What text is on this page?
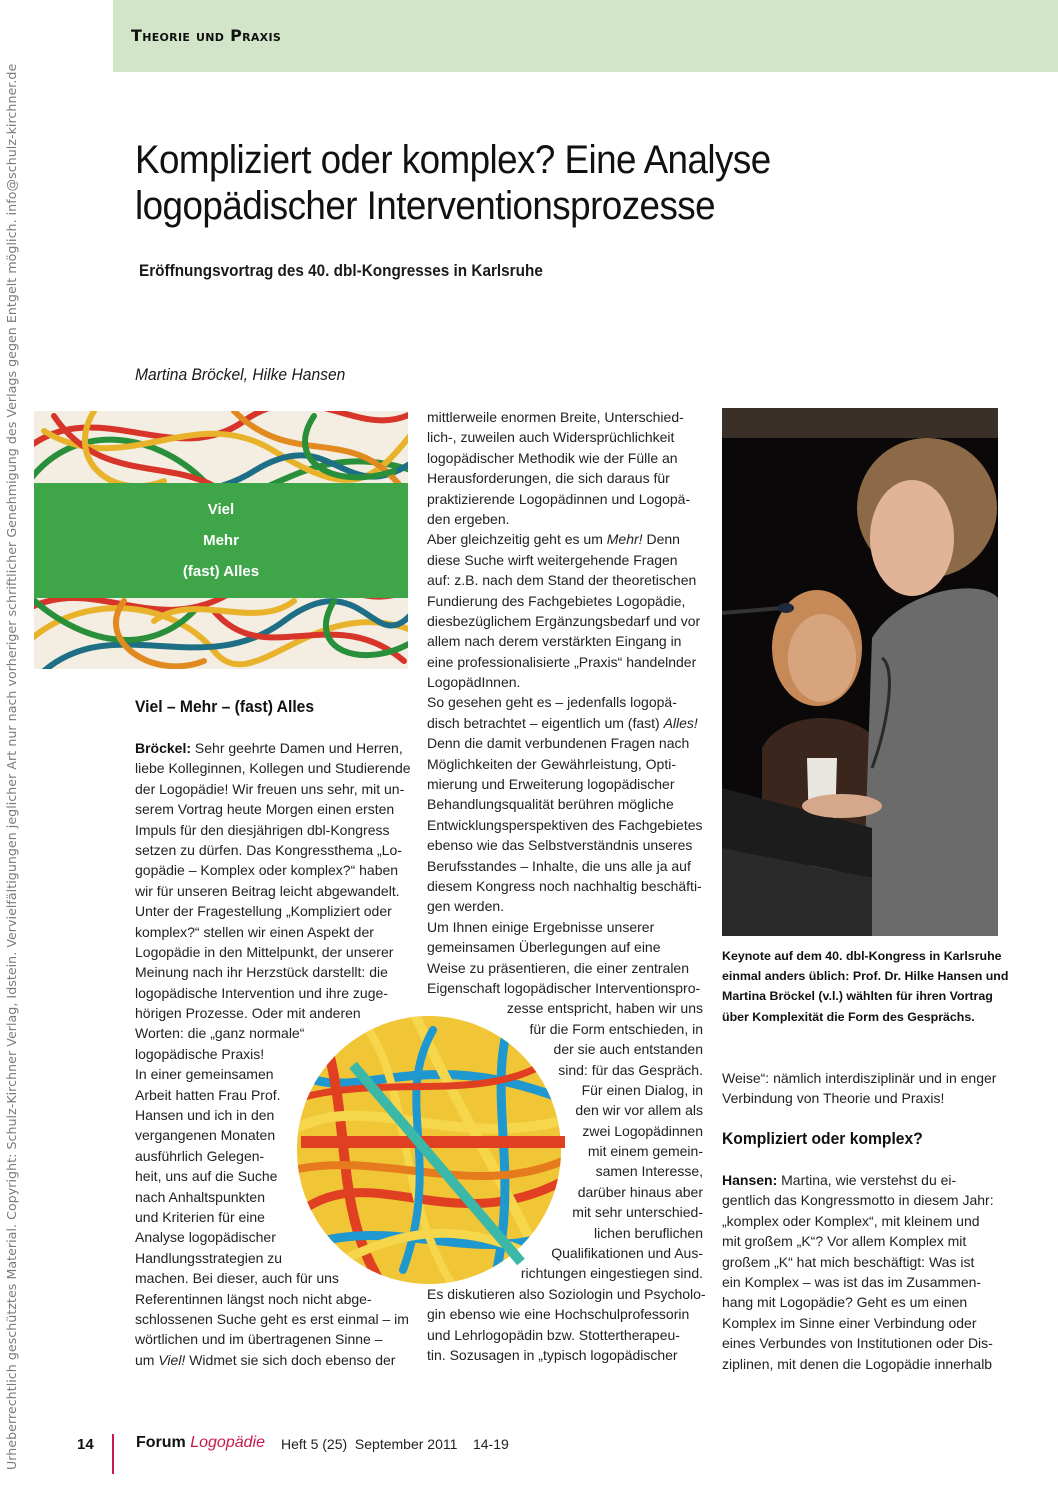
Theorie und Praxis
Urheberrechtlich geschütztes Material. Copyright: Schulz-Kirchner Verlag, Idstein. Vervielfältigungen jeglicher Art nur nach vorheriger schriftlicher Genehmigung des Verlags gegen Entgelt möglich. info@schulz-kirchner.de	Kompliziert oder komplex? Eine Analyse
logopädischer Interventionsprozesse
Eröffnungsvortrag des 40. dbl-Kongresses in Karlsruhe
Martina Bröckel, Hilke Hansen
Viel
Mehr
(fast) Alles
Viel – Mehr – (fast) Alles
Bröckel: Sehr geehrte Damen und Herren,
liebe Kolleginnen, Kollegen und Studierende
der Logopädie! Wir freuen uns sehr, mit un-
serem Vortrag heute Morgen einen ersten
Impuls für den diesjährigen dbl-Kongress
setzen zu dürfen. Das Kongressthema „Lo-
gopädie – Komplex oder komplex?“ haben
wir für unseren Beitrag leicht abgewandelt.
Unter der Fragestellung „Kompliziert oder
komplex?“ stellen wir einen Aspekt der
Logopädie in den Mittelpunkt, der unserer
Meinung nach ihr Herzstück darstellt: die
logopädische Intervention und ihre zuge-
hörigen Prozesse. Oder mit anderen
Worten: die „ganz normale“
logopädische Praxis!
In einer gemeinsamen
Arbeit hatten Frau Prof.
Hansen und ich in den
vergangenen Monaten
ausführlich Gelegen-
heit, uns auf die Suche
nach Anhaltspunkten
und Kriterien für eine
Analyse logopädischer
Handlungsstrategien zu
machen. Bei dieser, auch für uns
Referentinnen längst noch nicht abge-
schlossenen Suche geht es erst einmal – im
wörtlichen und im übertragenen Sinne –
um Viel! Widmet sie sich doch ebenso der
mittlerweile enormen Breite, Unterschied-
lich-, zuweilen auch Widersprüchlichkeit
logopädischer Methodik wie der Fülle an
Herausforderungen, die sich daraus für
praktizierende Logopädinnen und Logopä-
den ergeben.
Aber gleichzeitig geht es um Mehr! Denn
diese Suche wirft weitergehende Fragen
auf: z.B. nach dem Stand der theoretischen
Fundierung des Fachgebietes Logopädie,
diesbezüglichem Ergänzungsbedarf und vor
allem nach derem verstärkten Eingang in
eine professionalisierte „Praxis“ handelnder
LogopädInnen.
So gesehen geht es – jedenfalls logopä-
disch betrachtet – eigentlich um (fast) Alles!
Denn die damit verbundenen Fragen nach
Möglichkeiten der Gewährleistung, Opti-
mierung und Erweiterung logopädischer
Behandlungsqualität berühren mögliche
Entwicklungsperspektiven des Fachgebietes
ebenso wie das Selbstverständnis unseres
Berufsstandes – Inhalte, die uns alle ja auf
diesem Kongress noch nachhaltig beschäfti-
gen werden.
Um Ihnen einige Ergebnisse unserer
gemeinsamen Überlegungen auf eine
Weise zu präsentieren, die einer zentralen
Eigenschaft logopädischer Interventionspro-
zesse entspricht, haben wir uns
für die Form entschieden, in
der sie auch entstanden
sind: für das Gespräch.
Für einen Dialog, in
den wir vor allem als
zwei Logopädinnen
mit einem gemein-
samen Interesse,
darüber hinaus aber
mit sehr unterschied-
lichen beruflichen
Qualifikationen und Aus-
richtungen eingestiegen sind.
Es diskutieren also Soziologin und Psycholo-
gin ebenso wie eine Hochschulprofessorin
und Lehrlogopädin bzw. Stottertherapeu-
tin. Sozusagen in „typisch logopädischer
Keynote auf dem 40. dbl-Kongress in Karlsruhe
einmal anders üblich: Prof. Dr. Hilke Hansen und
Martina Bröckel (v.l.) wählten für ihren Vortrag
über Komplexität die Form des Gesprächs.
Weise“: nämlich interdisziplinär und in enger
Verbindung von Theorie und Praxis!
Kompliziert oder komplex?
Hansen: Martina, wie verstehst du ei-
gentlich das Kongressmotto in diesem Jahr:
„komplex oder Komplex“, mit kleinem und
mit großem „K“? Vor allem Komplex mit
großem „K“ hat mich beschäftigt: Was ist
ein Komplex – was ist das im Zusammen-
hang mit Logopädie? Geht es um einen
Komplex im Sinne einer Verbindung oder
eines Verbundes von Institutionen oder Dis-
ziplinen, mit denen die Logopädie innerhalb
14	Forum Logopädie Heft 5 (25) September 2011 14-19
